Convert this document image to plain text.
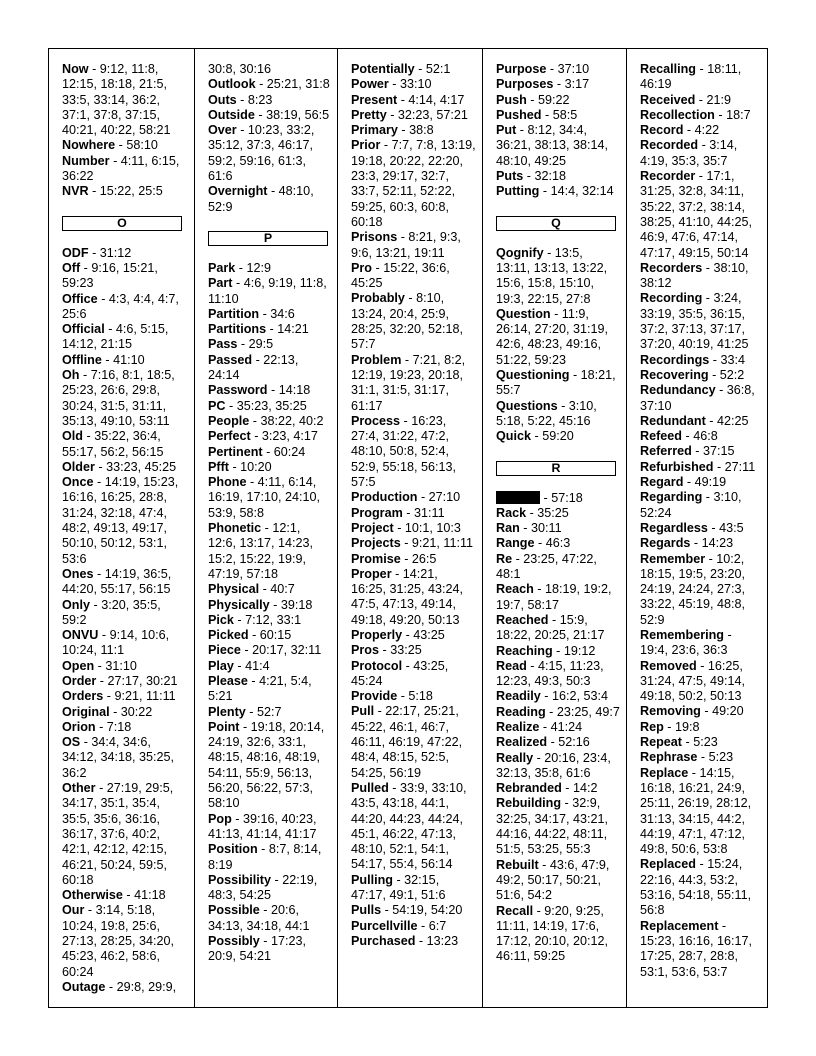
Now - 9:12, 11:8, 12:15, 18:18, 21:5, 33:5, 33:14, 36:2, 37:1, 37:8, 37:15, 40:21, 40:22, 58:21

Nowhere - 58:10

Number - 4:11, 6:15, 36:22

NVR - 15:22, 25:5

O

ODF - 31:12

Off - 9:16, 15:21, 59:23

Office - 4:3, 4:4, 4:7, 25:6

Official - 4:6, 5:15, 14:12, 21:15

Offline - 41:10

Oh - 7:16, 8:1, 18:5, 25:23, 26:6, 29:8, 30:24, 31:5, 31:11, 35:13, 49:10, 53:11

Old - 35:22, 36:4, 55:17, 56:2, 56:15

Older - 33:23, 45:25

Once - 14:19, 15:23, 16:16, 16:25, 28:8, 31:24, 32:18, 47:4, 48:2, 49:13, 49:17, 50:10, 50:12, 53:1, 53:6

Ones - 14:19, 36:5, 44:20, 55:17, 56:15

Only - 3:20, 35:5, 59:2

ONVU - 9:14, 10:6, 10:24, 11:1

Open - 31:10

Order - 27:17, 30:21

Orders - 9:21, 11:11

Original - 30:22

Orion - 7:18

OS - 34:4, 34:6, 34:12, 34:18, 35:25, 36:2

Other - 27:19, 29:5, 34:17, 35:1, 35:4, 35:5, 35:6, 36:16, 36:17, 37:6, 40:2, 42:1, 42:12, 42:15, 46:21, 50:24, 59:5, 60:18

Otherwise - 41:18

Our - 3:14, 5:18, 10:24, 19:8, 25:6, 27:13, 28:25, 34:20, 45:23, 46:2, 58:6, 60:24

Outage - 29:8, 29:9,

30:8, 30:16

Outlook - 25:21, 31:8

Outs - 8:23

Outside - 38:19, 56:5

Over - 10:23, 33:2, 35:12, 37:3, 46:17, 59:2, 59:16, 61:3, 61:6

Overnight - 48:10, 52:9

P

Park - 12:9

Part - 4:6, 9:19, 11:8, 11:10

Partition - 34:6

Partitions - 14:21

Pass - 29:5

Passed - 22:13, 24:14

Password - 14:18

PC - 35:23, 35:25

People - 38:22, 40:2

Perfect - 3:23, 4:17

Pertinent - 60:24

Pfft - 10:20

Phone - 4:11, 6:14, 16:19, 17:10, 24:10, 53:9, 58:8

Phonetic - 12:1, 12:6, 13:17, 14:23, 15:2, 15:22, 19:9, 47:19, 57:18

Physical - 40:7

Physically - 39:18

Pick - 7:12, 33:1

Picked - 60:15

Piece - 20:17, 32:11

Play - 41:4

Please - 4:21, 5:4, 5:21

Plenty - 52:7

Point - 19:18, 20:14, 24:19, 32:6, 33:1, 48:15, 48:16, 48:19, 54:11, 55:9, 56:13, 56:20, 56:22, 57:3, 58:10

Pop - 39:16, 40:23, 41:13, 41:14, 41:17

Position - 8:7, 8:14, 8:19

Possibility - 22:19, 48:3, 54:25

Possible - 20:6, 34:13, 34:18, 44:1

Possibly - 17:23, 20:9, 54:21

Potentially - 52:1

Power - 33:10

Present - 4:14, 4:17

Pretty - 32:23, 57:21

Primary - 38:8

Prior - 7:7, 7:8, 13:19, 19:18, 20:22, 22:20, 23:3, 29:17, 32:7, 33:7, 52:11, 52:22, 59:25, 60:3, 60:8, 60:18

Prisons - 8:21, 9:3, 9:6, 13:21, 19:11

Pro - 15:22, 36:6, 45:25

Probably - 8:10, 13:24, 20:4, 25:9, 28:25, 32:20, 52:18, 57:7

Problem - 7:21, 8:2, 12:19, 19:23, 20:18, 31:1, 31:5, 31:17, 61:17

Process - 16:23, 27:4, 31:22, 47:2, 48:10, 50:8, 52:4, 52:9, 55:18, 56:13, 57:5

Production - 27:10

Program - 31:11

Project - 10:1, 10:3

Projects - 9:21, 11:11

Promise - 26:5

Proper - 14:21, 16:25, 31:25, 43:24, 47:5, 47:13, 49:14, 49:18, 49:20, 50:13

Properly - 43:25

Pros - 33:25

Protocol - 43:25, 45:24

Provide - 5:18

Pull - 22:17, 25:21, 45:22, 46:1, 46:7, 46:11, 46:19, 47:22, 48:4, 48:15, 52:5, 54:25, 56:19

Pulled - 33:9, 33:10, 43:5, 43:18, 44:1, 44:20, 44:23, 44:24, 45:1, 46:22, 47:13, 48:10, 52:1, 54:1, 54:17, 55:4, 56:14

Pulling - 32:15, 47:17, 49:1, 51:6

Pulls - 54:19, 54:20

Purcellville - 6:7

Purchased - 13:23

Purpose - 37:10

Purposes - 3:17

Push - 59:22

Pushed - 58:5

Put - 8:12, 34:4, 36:21, 38:13, 38:14, 48:10, 49:25

Puts - 32:18

Putting - 14:4, 32:14

Q

Qognify - 13:5, 13:11, 13:13, 13:22, 15:6, 15:8, 15:10, 19:3, 22:15, 27:8

Question - 11:9, 26:14, 27:20, 31:19, 42:6, 48:23, 49:16, 51:22, 59:23

Questioning - 18:21, 55:7

Questions - 3:10, 5:18, 5:22, 45:16

Quick - 59:20

R

- 57:18

Rack - 35:25

Ran - 30:11

Range - 46:3

Re - 23:25, 47:22, 48:1

Reach - 18:19, 19:2, 19:7, 58:17

Reached - 15:9, 18:22, 20:25, 21:17

Reaching - 19:12

Read - 4:15, 11:23, 12:23, 49:3, 50:3

Readily - 16:2, 53:4

Reading - 23:25, 49:7

Realize - 41:24

Realized - 52:16

Really - 20:16, 23:4, 32:13, 35:8, 61:6

Rebranded - 14:2

Rebuilding - 32:9, 32:25, 34:17, 43:21, 44:16, 44:22, 48:11, 51:5, 53:25, 55:3

Rebuilt - 43:6, 47:9, 49:2, 50:17, 50:21, 51:6, 54:2

Recall - 9:20, 9:25, 11:11, 14:19, 17:6, 17:12, 20:10, 20:12, 46:11, 59:25

Recalling - 18:11, 46:19

Received - 21:9

Recollection - 18:7

Record - 4:22

Recorded - 3:14, 4:19, 35:3, 35:7

Recorder - 17:1, 31:25, 32:8, 34:11, 35:22, 37:2, 38:14, 38:25, 41:10, 44:25, 46:9, 47:6, 47:14, 47:17, 49:15, 50:14

Recorders - 38:10, 38:12

Recording - 3:24, 33:19, 35:5, 36:15, 37:2, 37:13, 37:17, 37:20, 40:19, 41:25

Recordings - 33:4

Recovering - 52:2

Redundancy - 36:8, 37:10

Redundant - 42:25

Refeed - 46:8

Referred - 37:15

Refurbished - 27:11

Regard - 49:19

Regarding - 3:10, 52:24

Regardless - 43:5

Regards - 14:23

Remember - 10:2, 18:15, 19:5, 23:20, 24:19, 24:24, 27:3, 33:22, 45:19, 48:8, 52:9

Remembering - 19:4, 23:6, 36:3

Removed - 16:25, 31:24, 47:5, 49:14, 49:18, 50:2, 50:13

Removing - 49:20

Rep - 19:8

Repeat - 5:23

Rephrase - 5:23

Replace - 14:15, 16:18, 16:21, 24:9, 25:11, 26:19, 28:12, 31:13, 34:15, 44:2, 44:19, 47:1, 47:12, 49:8, 50:6, 53:8

Replaced - 15:24, 22:16, 44:3, 53:2, 53:16, 54:18, 55:11, 56:8

Replacement - 15:23, 16:16, 16:17, 17:25, 28:7, 28:8, 53:1, 53:6, 53:7
